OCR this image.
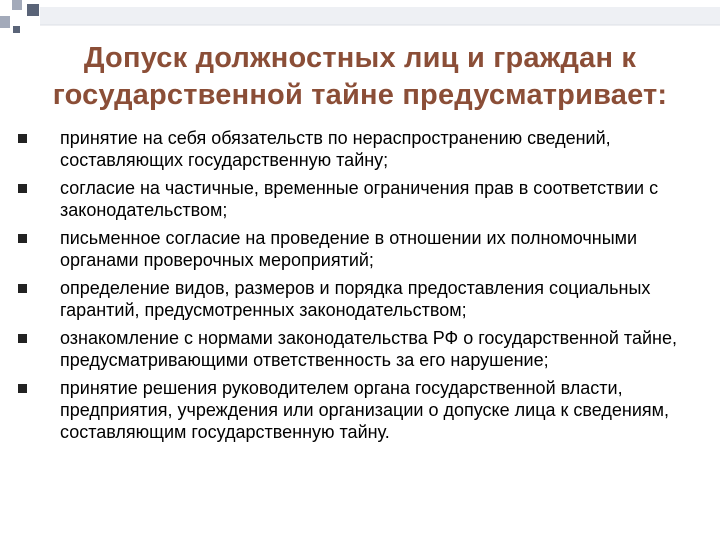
Допуск должностных лиц и граждан к государственной тайне предусматривает:
принятие на себя обязательств по нераспространению сведений, составляющих государственную тайну;
согласие на частичные, временные ограничения прав в соответствии с законодательством;
письменное согласие на проведение в отношении их полномочными органами проверочных мероприятий;
определение видов, размеров и порядка предоставления социальных гарантий, предусмотренных законодательством;
ознакомление с нормами законодательства РФ о государственной тайне, предусматривающими ответственность за его нарушение;
принятие решения руководителем органа государственной власти, предприятия, учреждения или организации о допуске лица к сведениям, составляющим государственную тайну.
